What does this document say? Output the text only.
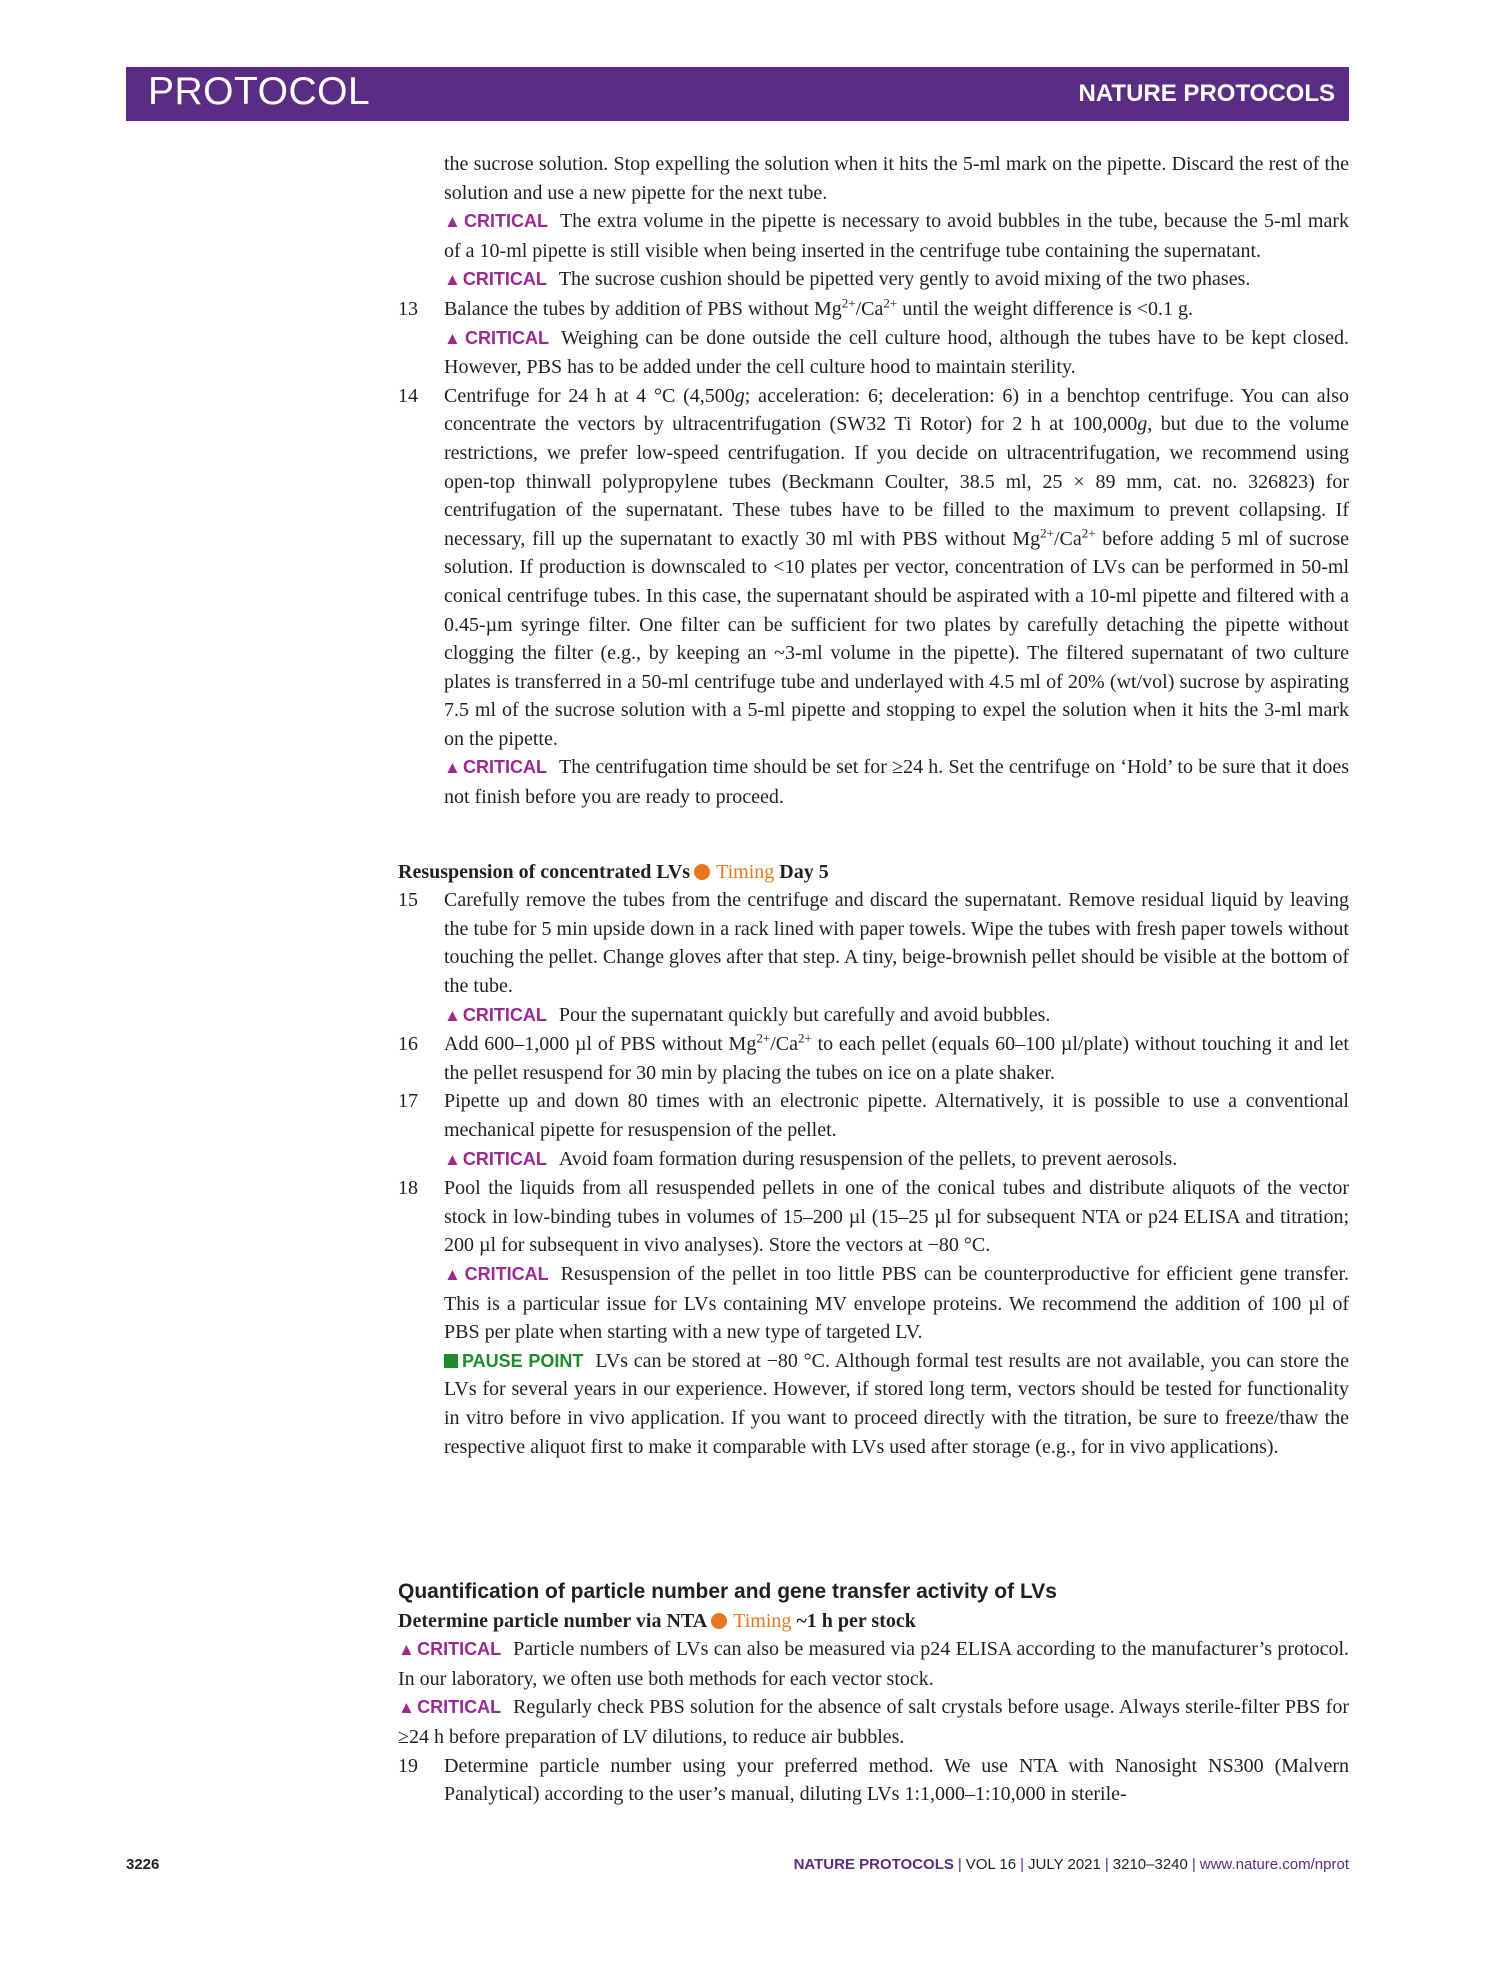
PROTOCOL	NATURE PROTOCOLS

the sucrose solution. Stop expelling the solution when it hits the 5-ml mark on the pipette. Discard the rest of the solution and use a new pipette for the next tube.

▲ CRITICAL The extra volume in the pipette is necessary to avoid bubbles in the tube, because the 5-ml mark of a 10-ml pipette is still visible when being inserted in the centrifuge tube containing the supernatant.

▲ CRITICAL The sucrose cushion should be pipetted very gently to avoid mixing of the two phases.

13 Balance the tubes by addition of PBS without $Mg^{2+}/Ca^{2+}$ until the weight difference is <0.1 g.

▲ CRITICAL Weighing can be done outside the cell culture hood, although the tubes have to be kept closed. However, PBS has to be added under the cell culture hood to maintain sterility.

14 Centrifuge for 24 h at 4 °C (4,500g; acceleration: 6; deceleration: 6) in a benchtop centrifuge. You can also concentrate the vectors by ultracentrifugation (SW32 Ti Rotor) for 2 h at 100,000g, but due to the volume restrictions, we prefer low-speed centrifugation. If you decide on ultracentrifugation, we recommend using open-top thinwall polypropylene tubes (Beckmann Coulter, 38.5 ml, 25 × 89 mm, cat. no. 326823) for centrifugation of the supernatant. These tubes have to be filled to the maximum to prevent collapsing. If necessary, fill up the supernatant to exactly 30 ml with PBS without $Mg^{2+}/Ca^{2+}$ before adding 5 ml of sucrose solution. If production is downscaled to <10 plates per vector, concentration of LVs can be performed in 50-ml conical centrifuge tubes. In this case, the supernatant should be aspirated with a 10-ml pipette and filtered with a 0.45-µm syringe filter. One filter can be sufficient for two plates by carefully detaching the pipette without clogging the filter (e.g., by keeping an ~3-ml volume in the pipette). The filtered supernatant of two culture plates is transferred in a 50-ml centrifuge tube and underlayed with 4.5 ml of 20% (wt/vol) sucrose by aspirating 7.5 ml of the sucrose solution with a 5-ml pipette and stopping to expel the solution when it hits the 3-ml mark on the pipette.

▲ CRITICAL The centrifugation time should be set for ≥24 h. Set the centrifuge on ‘Hold’ to be sure that it does not finish before you are ready to proceed.

Resuspension of concentrated LVs Timing Day 5

15 Carefully remove the tubes from the centrifuge and discard the supernatant. Remove residual liquid by leaving the tube for 5 min upside down in a rack lined with paper towels. Wipe the tubes with fresh paper towels without touching the pellet. Change gloves after that step. A tiny, beige-brownish pellet should be visible at the bottom of the tube.

▲ CRITICAL Pour the supernatant quickly but carefully and avoid bubbles.

16 Add 600–1,000 µl of PBS without $Mg^{2+}/Ca^{2+}$ to each pellet (equals 60–100 µl/plate) without touching it and let the pellet resuspend for 30 min by placing the tubes on ice on a plate shaker.

17 Pipette up and down 80 times with an electronic pipette. Alternatively, it is possible to use a conventional mechanical pipette for resuspension of the pellet.

▲ CRITICAL Avoid foam formation during resuspension of the pellets, to prevent aerosols.

18 Pool the liquids from all resuspended pellets in one of the conical tubes and distribute aliquots of the vector stock in low-binding tubes in volumes of 15–200 µl (15–25 µl for subsequent NTA or p24 ELISA and titration; 200 µl for subsequent in vivo analyses). Store the vectors at −80 °C.

▲ CRITICAL Resuspension of the pellet in too little PBS can be counterproductive for efficient gene transfer. This is a particular issue for LVs containing MV envelope proteins. We recommend the addition of 100 µl of PBS per plate when starting with a new type of targeted LV.

PAUSE POINT LVs can be stored at −80 °C. Although formal test results are not available, you can store the LVs for several years in our experience. However, if stored long term, vectors should be tested for functionality in vitro before in vivo application. If you want to proceed directly with the titration, be sure to freeze/thaw the respective aliquot first to make it comparable with LVs used after storage (e.g., for in vivo applications).

Quantification of particle number and gene transfer activity of LVs

Determine particle number via NTA Timing ~1 h per stock

▲ CRITICAL Particle numbers of LVs can also be measured via p24 ELISA according to the manufacturer’s protocol. In our laboratory, we often use both methods for each vector stock.

▲ CRITICAL Regularly check PBS solution for the absence of salt crystals before usage. Always sterile-filter PBS for ≥24 h before preparation of LV dilutions, to reduce air bubbles.

19 Determine particle number using your preferred method. We use NTA with Nanosight NS300 (Malvern Panalytical) according to the user’s manual, diluting LVs 1:1,000–1:10,000 in sterile-

3226	NATURE PROTOCOLS | VOL 16 | JULY 2021 | 3210–3240 | www.nature.com/nprot
